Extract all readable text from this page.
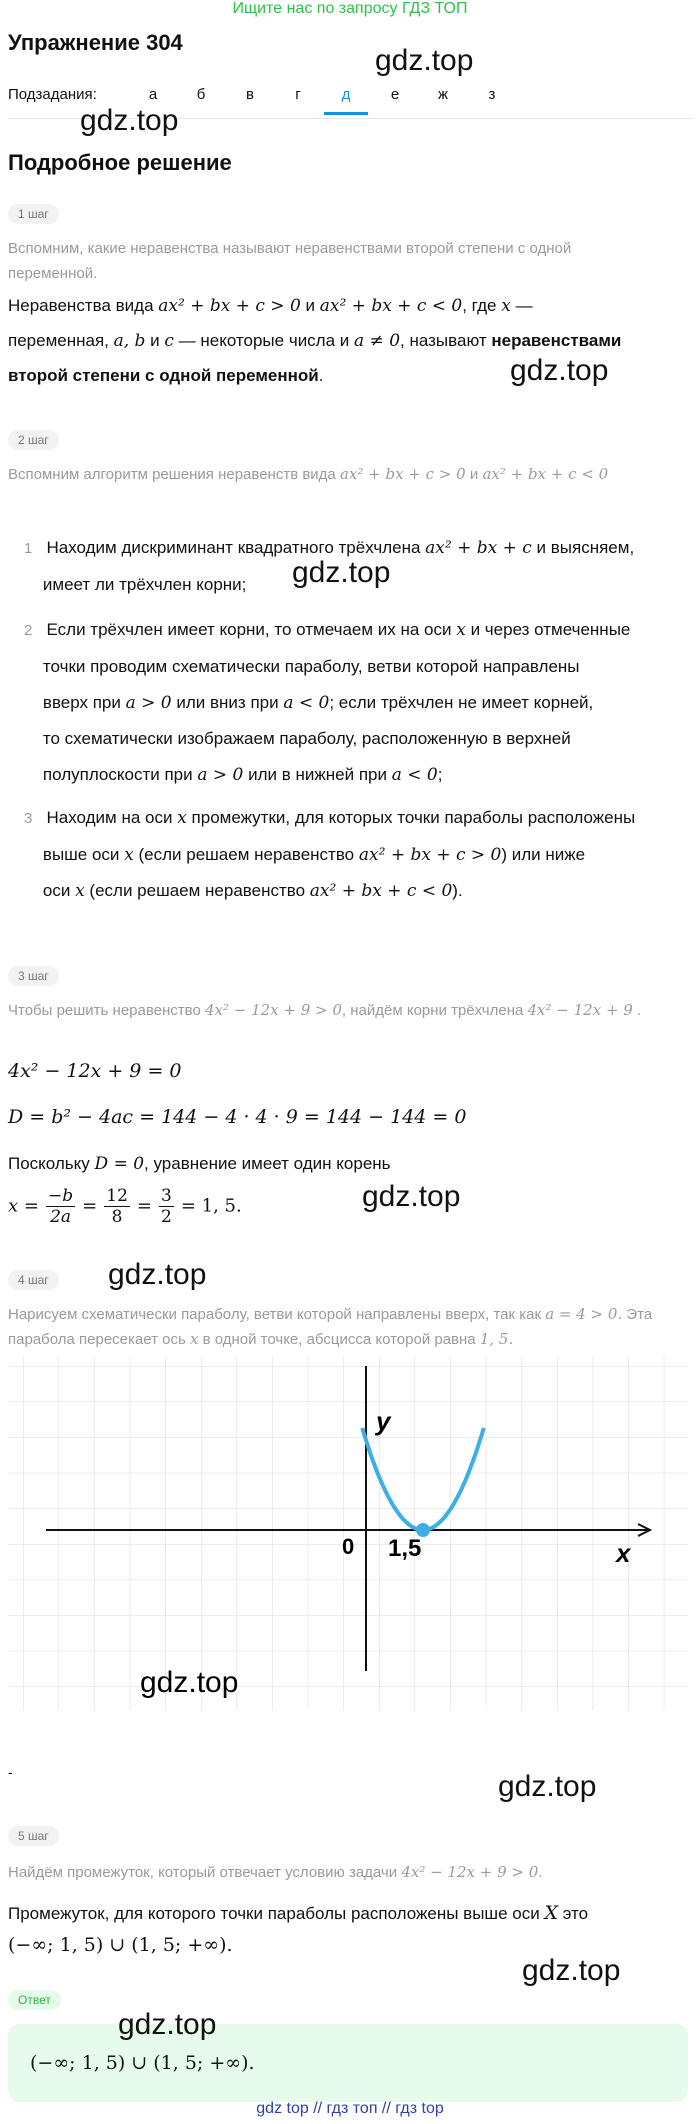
Ищите нас по запросу ГДЗ ТОП
Упражнение 304
gdz.top
Подзадания:	а	б	в	г	д	е	ж	з
gdz.top
Подробное решение
1 шаг
Вспомним, какие неравенства называют неравенствами второй степени с одной переменной.
Неравенства вида ax² + bx + c > 0 и ax² + bx + c < 0, где x —
переменная, a, b и c — некоторые числа и a ≠ 0, называют неравенствами
второй степени с одной переменной.	gdz.top
2 шаг
Вспомним алгоритм решения неравенств вида ax² + bx + c > 0 и ax² + bx + c < 0
1 Находим дискриминант квадратного трёхчлена ax² + bx + c и выясняем,
имеет ли трёхчлен корни;	gdz.top
2 Если трёхчлен имеет корни, то отмечаем их на оси x и через отмеченные
точки проводим схематически параболу, ветви которой направлены
вверх при a > 0 или вниз при a < 0; если трёхчлен не имеет корней,
то схематически изображаем параболу, расположенную в верхней
полуплоскости при a > 0 или в нижней при a < 0;
3 Находим на оси x промежутки, для которых точки параболы расположены
выше оси x (если решаем неравенство ax² + bx + c > 0) или ниже
оси x (если решаем неравенство ax² + bx + c < 0).
3 шаг
Чтобы решить неравенство 4x² − 12x + 9 > 0, найдём корни трёхчлена 4x² − 12x + 9 .
4x² − 12x + 9 = 0
D = b² − 4ac = 144 − 4 · 4 · 9 = 144 − 144 = 0
Поскольку D = 0, уравнение имеет один корень
$x = \frac{-b}{2a} = \frac{12}{8} = \frac{3}{2} = 1$, 5.	gdz.top
4 шаг	gdz.top
Нарисуем схематически параболу, ветви которой направлены вверх, так как a = 4 > 0. Эта парабола пересекает ось x в одной точке, абсцисса которой равна 1, 5.
y
x
0 1,5
gdz.top
-	gdz.top
5 шаг
Найдём промежуток, который отвечает условию задачи 4x² − 12x + 9 > 0.
Промежуток, для которого точки параболы расположены выше оси X это
(−∞; 1, 5) ∪ (1, 5; +∞).
gdz.top
Ответ
(−∞; 1, 5) ∪ (1, 5; +∞).
gdz.top
gdz top // гдз топ // гдз top
